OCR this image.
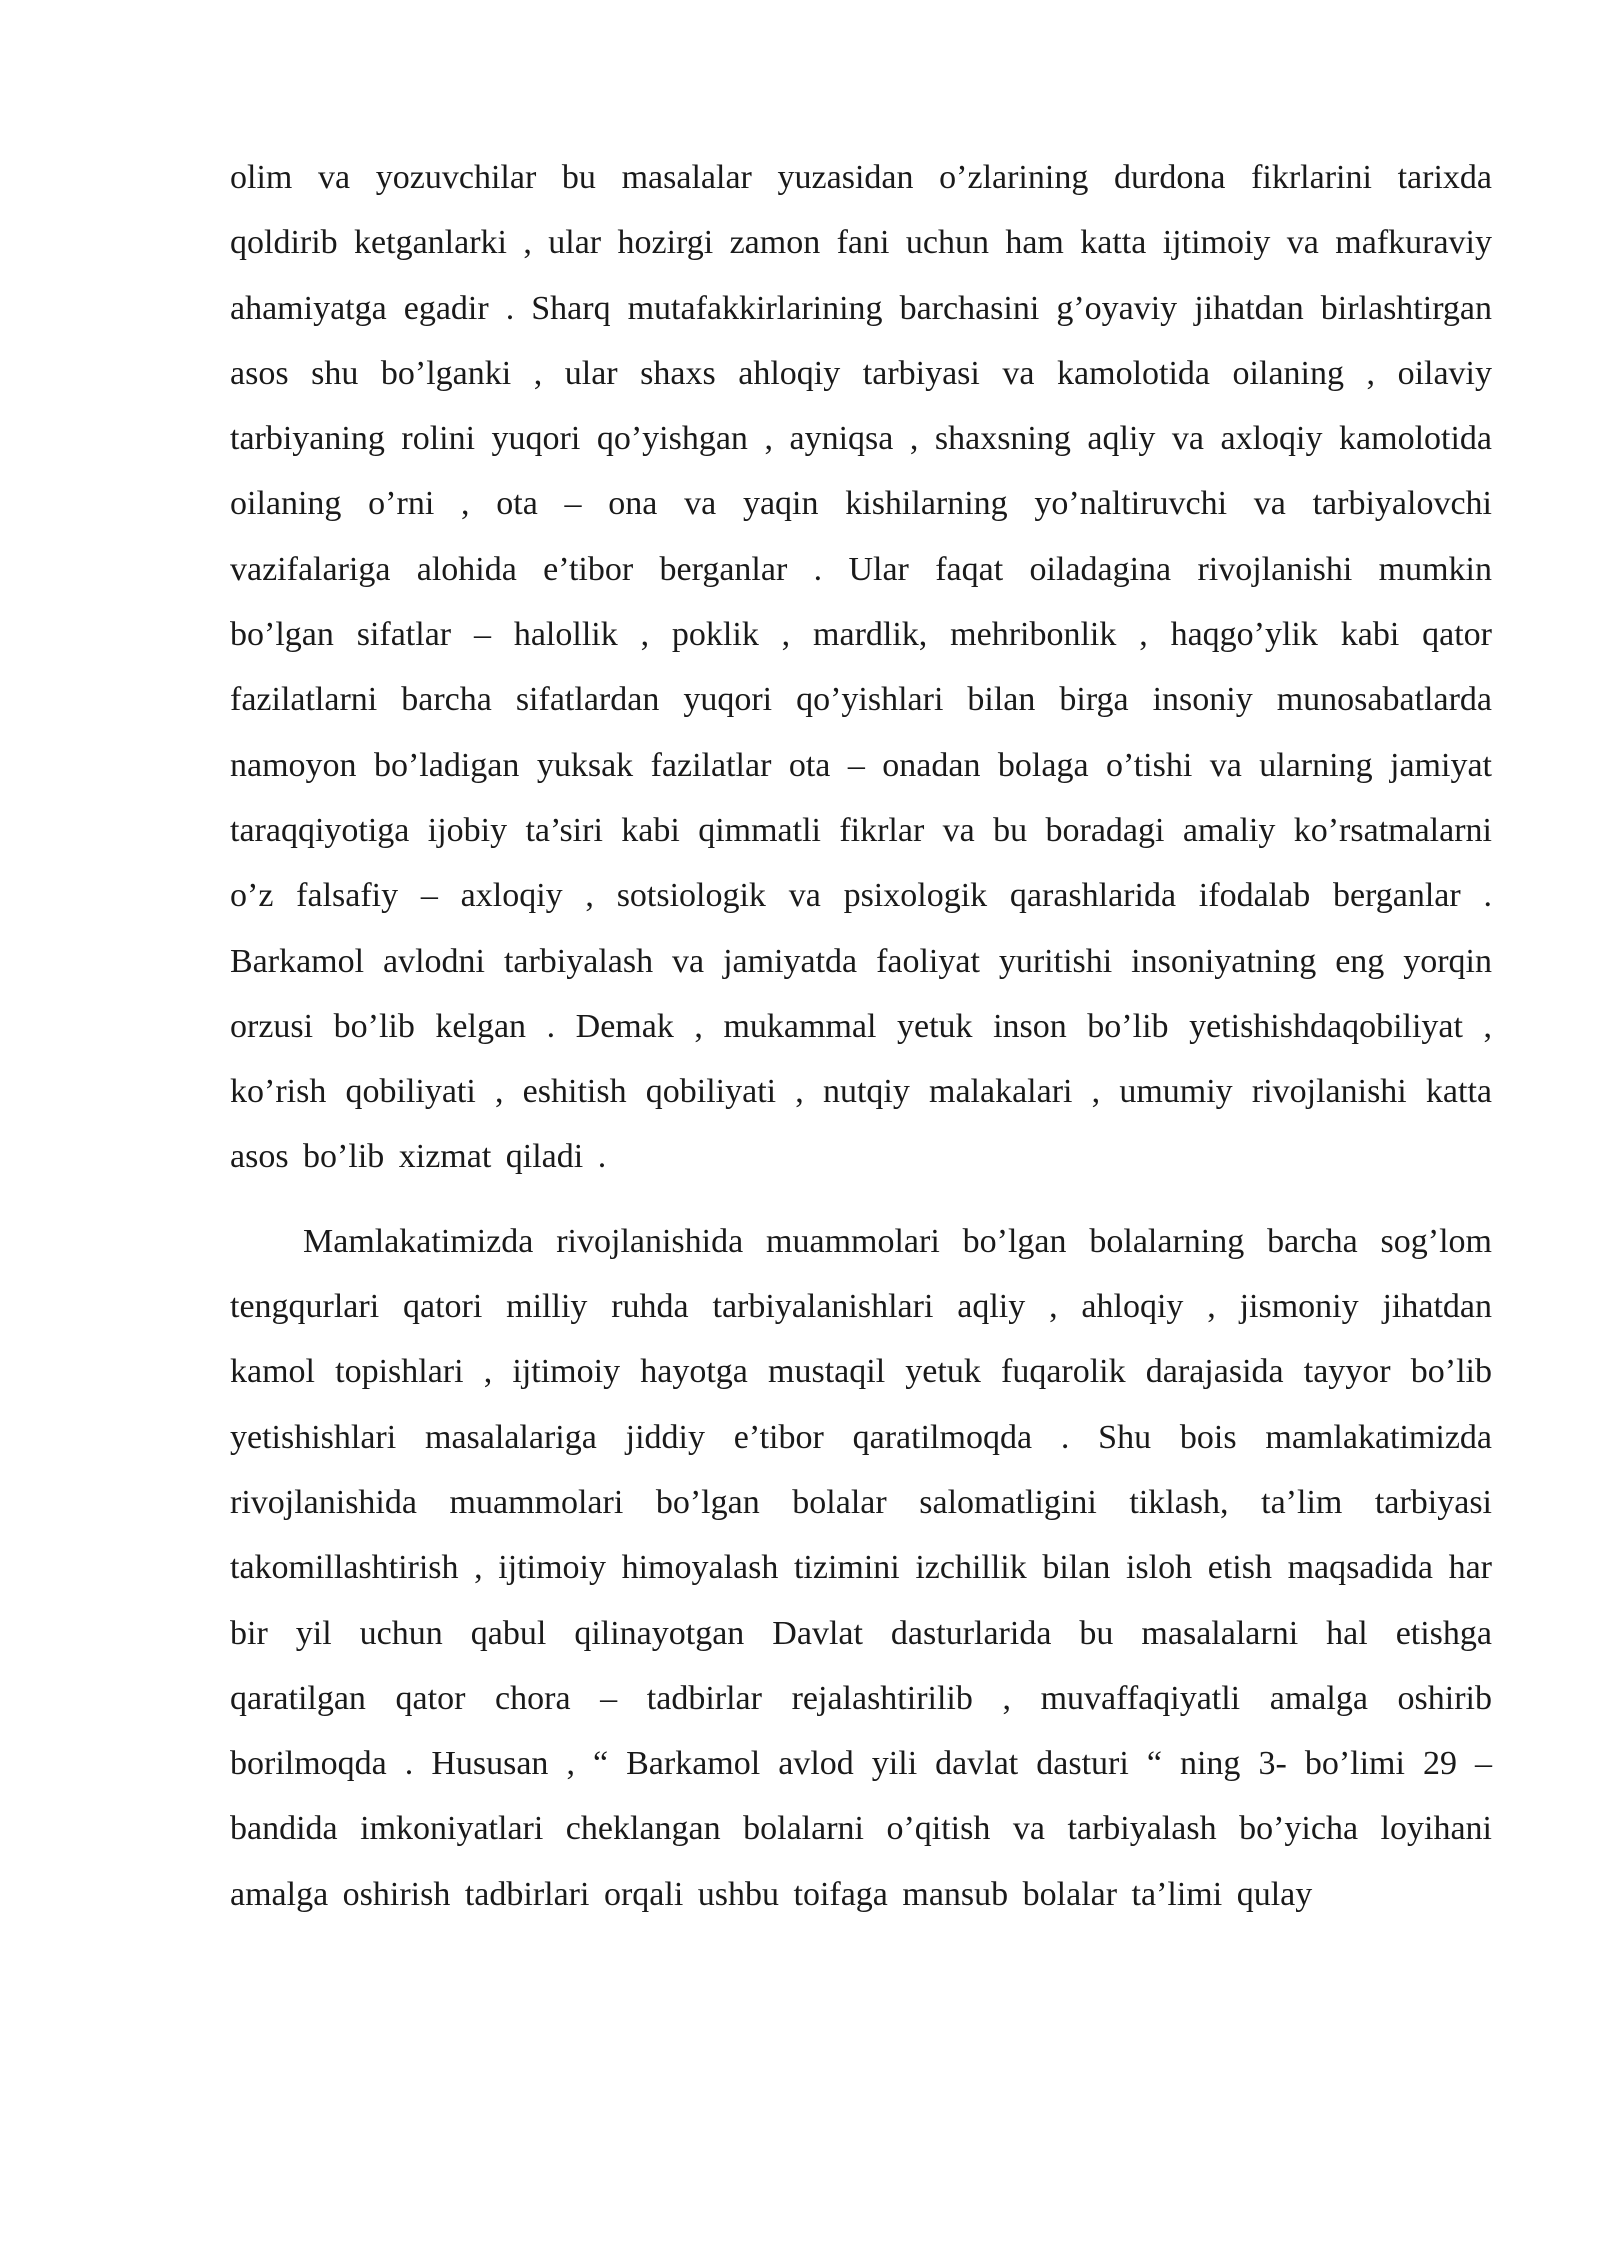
olim va yozuvchilar bu masalalar yuzasidan o’zlarining durdona fikrlarini tarixda qoldirib ketganlarki , ular hozirgi zamon fani uchun ham katta ijtimoiy va mafkuraviy ahamiyatga egadir . Sharq mutafakkirlarining barchasini g’oyaviy jihatdan birlashtirgan asos shu bo’lganki , ular shaxs ahloqiy tarbiyasi va kamolotida oilaning , oilaviy tarbiyaning rolini yuqori qo’yishgan , ayniqsa , shaxsning aqliy va axloqiy kamolotida oilaning o’rni , ota – ona va yaqin kishilarning yo’naltiruvchi va tarbiyalovchi vazifalariga alohida e’tibor berganlar . Ular faqat oiladagina rivojlanishi mumkin bo’lgan sifatlar – halollik , poklik , mardlik, mehribonlik , haqgo’ylik kabi qator fazilatlarni barcha sifatlardan yuqori qo’yishlari bilan birga insoniy munosabatlarda namoyon bo’ladigan yuksak fazilatlar ota – onadan bolaga o’tishi va ularning jamiyat taraqqiyotiga ijobiy ta’siri kabi qimmatli fikrlar va bu boradagi amaliy ko’rsatmalarni o’z falsafiy – axloqiy , sotsiologik va psixologik qarashlarida ifodalab berganlar . Barkamol avlodni tarbiyalash va jamiyatda faoliyat yuritishi insoniyatning eng yorqin orzusi bo’lib kelgan . Demak , mukammal yetuk inson bo’lib yetishishdaqobiliyat , ko’rish qobiliyati , eshitish qobiliyati , nutqiy malakalari , umumiy rivojlanishi katta asos bo’lib xizmat qiladi .

Mamlakatimizda rivojlanishida muammolari bo’lgan bolalarning barcha sog’lom tengqurlari qatori milliy ruhda tarbiyalanishlari aqliy , ahloqiy , jismoniy jihatdan kamol topishlari , ijtimoiy hayotga mustaqil yetuk fuqarolik darajasida tayyor bo’lib yetishishlari masalalariga jiddiy e’tibor qaratilmoqda . Shu bois mamlakatimizda rivojlanishida muammolari bo’lgan bolalar salomatligini tiklash, ta’lim tarbiyasi takomillashtirish , ijtimoiy himoyalash tizimini izchillik bilan isloh etish maqsadida har bir yil uchun qabul qilinayotgan Davlat dasturlarida bu masalalarni hal etishga qaratilgan qator chora – tadbirlar rejalashtirilib , muvaffaqiyatli amalga oshirib borilmoqda . Hususan , “ Barkamol avlod yili davlat dasturi “ ning 3- bo’limi 29 – bandida imkoniyatlari cheklangan bolalarni o’qitish va tarbiyalash bo’yicha loyihani amalga oshirish tadbirlari orqali ushbu toifaga mansub bolalar ta’limi qulay
